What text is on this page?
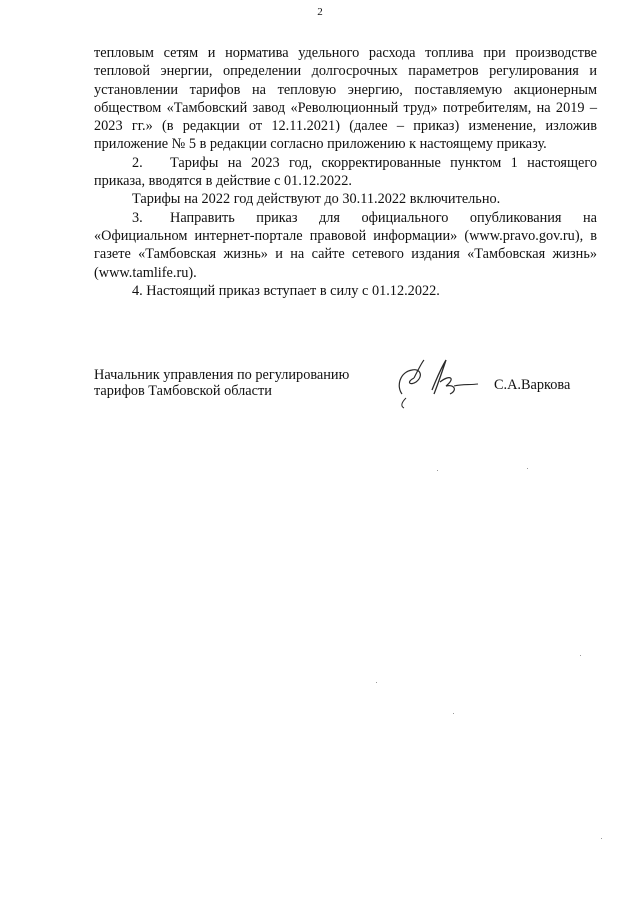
2

тепловым сетям и норматива удельного расхода топлива при производстве тепловой энергии, определении долгосрочных параметров регулирования и установлении тарифов на тепловую энергию, поставляемую акционерным обществом «Тамбовский завод «Революционный труд» потребителям, на 2019 – 2023 гг.» (в редакции от 12.11.2021) (далее – приказ) изменение, изложив приложение № 5 в редакции согласно приложению к настоящему приказу.

2. Тарифы на 2023 год, скорректированные пунктом 1 настоящего приказа, вводятся в действие с 01.12.2022.

Тарифы на 2022 год действуют до 30.11.2022 включительно.

3. Направить приказ для официального опубликования на «Официальном интернет-портале правовой информации» (www.pravo.gov.ru), в газете «Тамбовская жизнь» и на сайте сетевого издания «Тамбовская жизнь» (www.tamlife.ru).

4. Настоящий приказ вступает в силу с 01.12.2022.

Начальник управления по регулированию
тарифов Тамбовской области	С.А.Варкова
